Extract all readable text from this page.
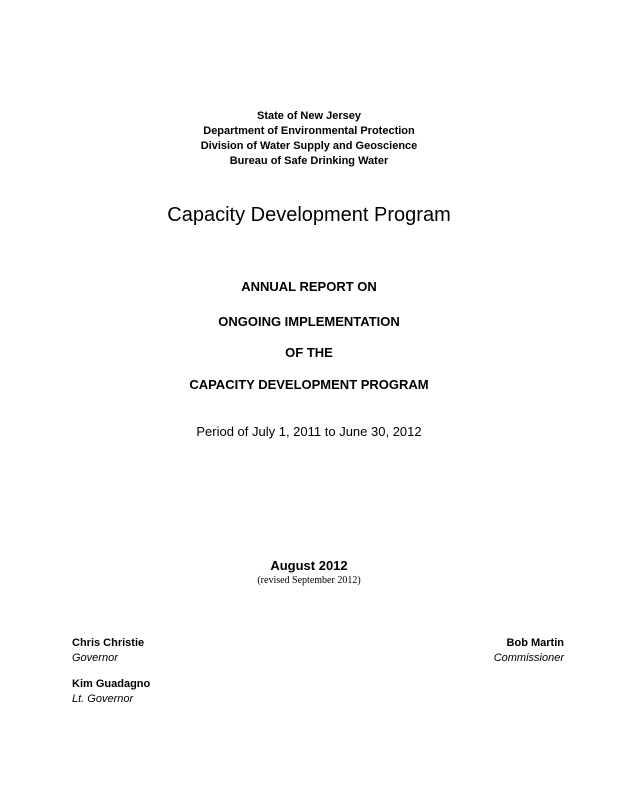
State of New Jersey
Department of Environmental Protection
Division of Water Supply and Geoscience
Bureau of Safe Drinking Water
Capacity Development Program
ANNUAL REPORT ON
ONGOING IMPLEMENTATION
OF THE
CAPACITY DEVELOPMENT PROGRAM
Period of July 1, 2011 to June 30, 2012
August 2012
(revised September 2012)
Chris Christie
Governor
Kim Guadagno
Lt. Governor
Bob Martin
Commissioner
